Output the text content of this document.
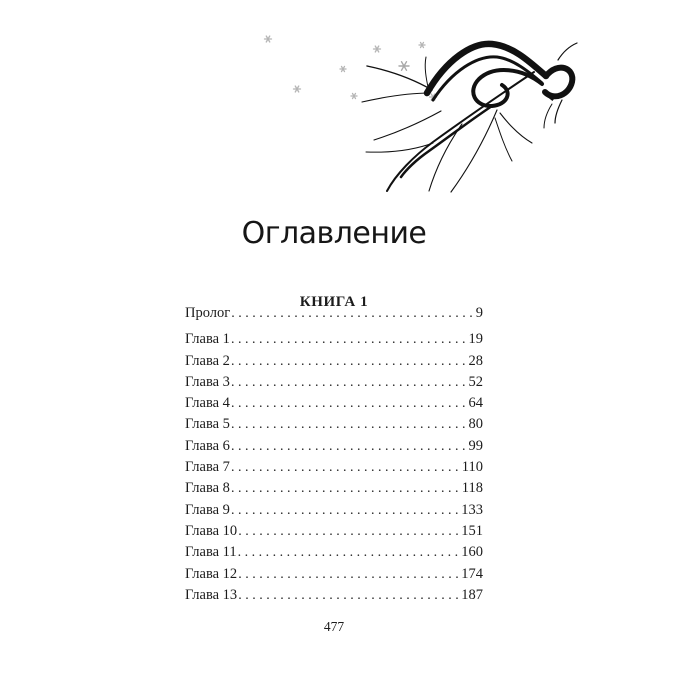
Оглавление
КНИГА 1
Пролог .....	9
Глава 1 .....	19
Глава 2 .....	28
Глава 3 .....	52
Глава 4 .....	64
Глава 5 .....	80
Глава 6 .....	99
Глава 7 .....	110
Глава 8 .....	118
Глава 9 .....	133
Глава 10 .....	151
Глава 11 .....	160
Глава 12 .....	174
Глава 13 .....	187
477
